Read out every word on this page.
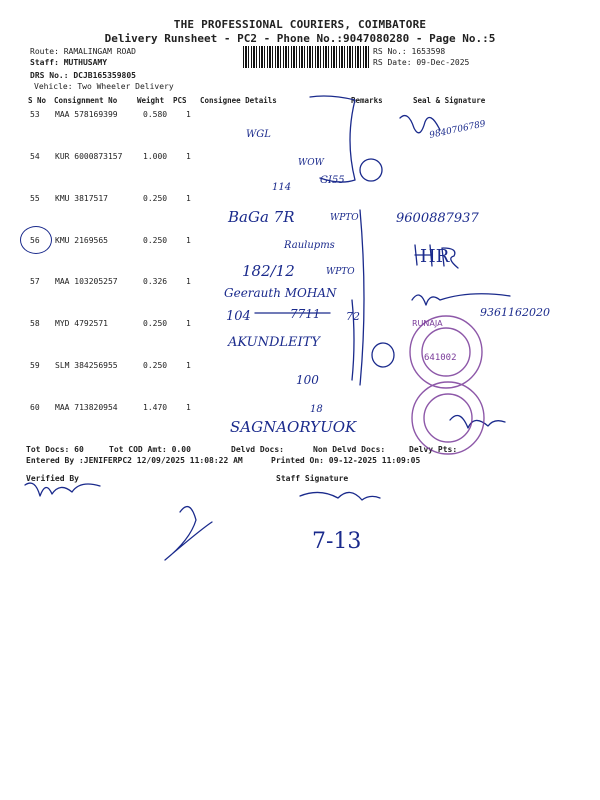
THE PROFESSIONAL COURIERS, COIMBATORE
Delivery Runsheet - PC2 - Phone No.:9047080280 - Page No.:5
Route: RAMALINGAM ROAD
Staff: MUTHUSAMY
DRS No.: DCJB165359805
Vehicle: Two Wheeler Delivery
RS No.: 1653598
RS Date: 09-Dec-2025
S No Consignment No	Weight PCS Consignee Details	Remarks	Seal & Signature
53 MAA 578169399	0.580 1
54 KUR 6000873157	1.000 1
55 KMU 3817517	0.250 1
56 KMU 2169565	0.250 1
57 MAA 103205257	0.326 1
58 MYD 4792571	0.250 1
59 SLM 384256955	0.250 1
60 MAA 713820954	1.470 1
Tot Docs: 60	Tot COD Amt: 0.00	Delvd Docs:	Non Delvd Docs:	Delvy Pts:
Entered By :JENIFERPC2 12/09/2025 11:08:22 AM	Printed On: 09-12-2025 11:09:05
Verified By	Staff Signature
641002
RUNAJA
WGL	9840706789
WOW
114
GI55
BaGa 7R	WPTO	9600887937
Raulupms
HR
182/12	WPTO
Geerauth MOHAN
104	7711 72	9361162020
AKUNDLEITY
100
18
SAGNAORYUOK
7-13
